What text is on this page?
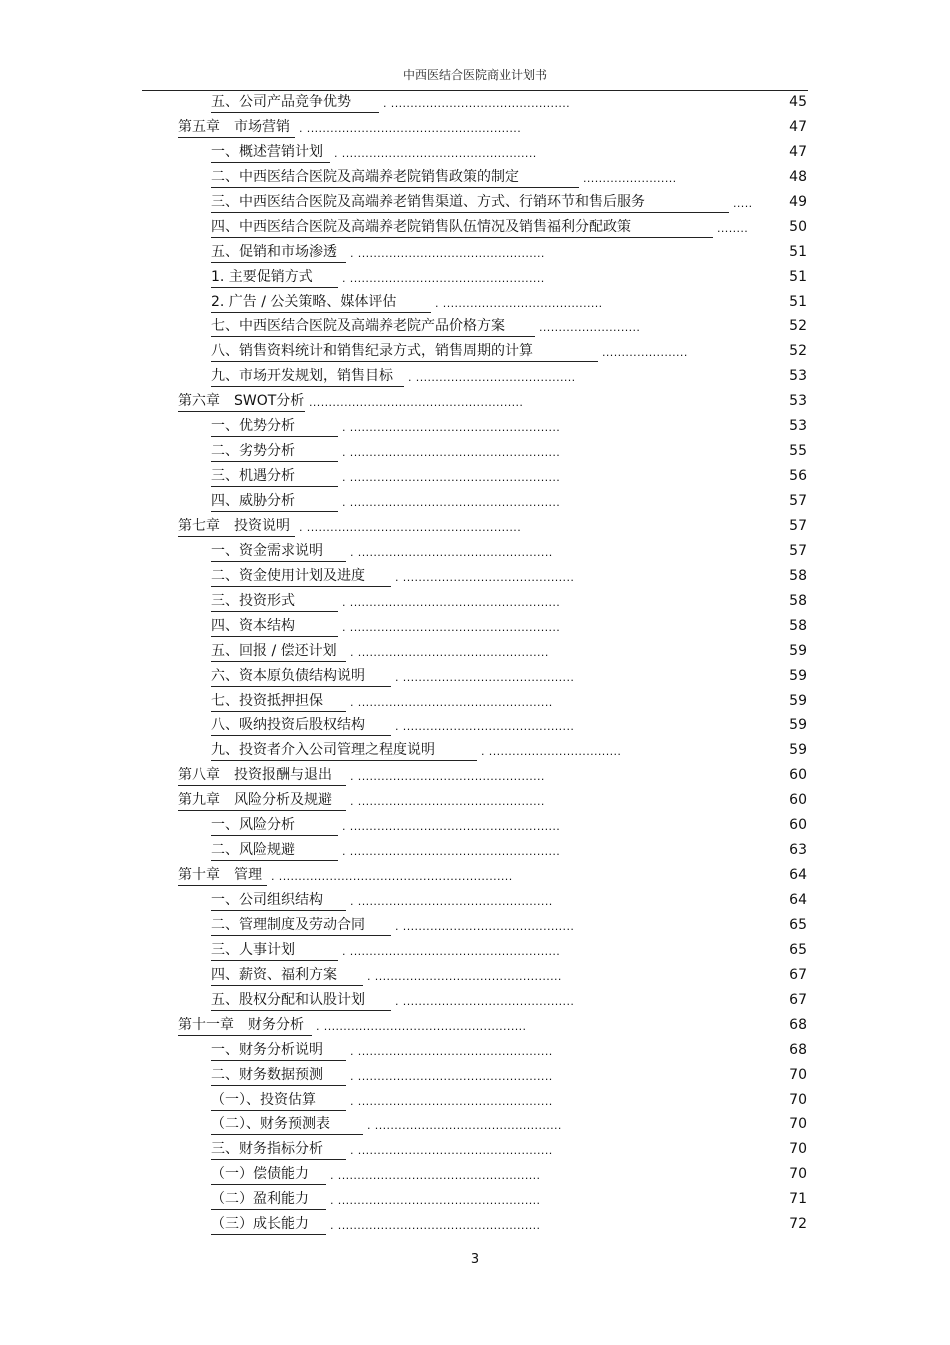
中西医结合医院商业计划书
五、公司产品竞争优势	. ..............................................	45
第五章　市场营销 . .......................................................	47
一、概述营销计划	. ..................................................	47
二、中西医结合医院及高端养老院销售政策的制定	........................	48
三、中西医结合医院及高端养老销售渠道、方式、行销环节和售后服务	.....	49
四、中西医结合医院及高端养老院销售队伍情况及销售福利分配政策	........	50
五、促销和市场渗透	. ................................................	51
1. 主要促销方式	. ..................................................	51
2. 广告 / 公关策略、媒体评估	. .........................................	51
七、中西医结合医院及高端养老院产品价格方案	..........................	52
八、销售资料统计和销售纪录方式，销售周期的计算	......................	52
九、市场开发规划，销售目标	. .........................................	53
第六章　SWOT分析 .......................................................	53
一、优势分析	. ......................................................	53
二、劣势分析	. ......................................................	55
三、机遇分析	. ......................................................	56
四、威胁分析	. ......................................................	57
第七章　投资说明 . .......................................................	57
一、资金需求说明	. ..................................................	57
二、资金使用计划及进度	. ............................................	58
三、投资形式	. ......................................................	58
四、资本结构	. ......................................................	58
五、回报 / 偿还计划	. .................................................	59
六、资本原负债结构说明	. ............................................	59
七、投资抵押担保	. ..................................................	59
八、吸纳投资后股权结构	. ............................................	59
九、投资者介入公司管理之程度说明	. ..................................	59
第八章　投资报酬与退出	. ................................................	60
第九章　风险分析及规避	. ................................................	60
一、风险分析	. ......................................................	60
二、风险规避	. ......................................................	63
第十章　管理 . ............................................................	64
一、公司组织结构	. ..................................................	64
二、管理制度及劳动合同	. ............................................	65
三、人事计划	. ......................................................	65
四、薪资、福利方案	. ................................................	67
五、股权分配和认股计划	. ............................................	67
第十一章　财务分析	. ....................................................	68
一、财务分析说明	. ..................................................	68
二、财务数据预测	. ..................................................	70
（一）、投资估算	. ..................................................	70
（二）、财务预测表	. ................................................	70
三、财务指标分析	. ..................................................	70
（一）偿债能力	. ....................................................	70
（二）盈利能力	. ....................................................	71
（三）成长能力	. ....................................................	72
3
